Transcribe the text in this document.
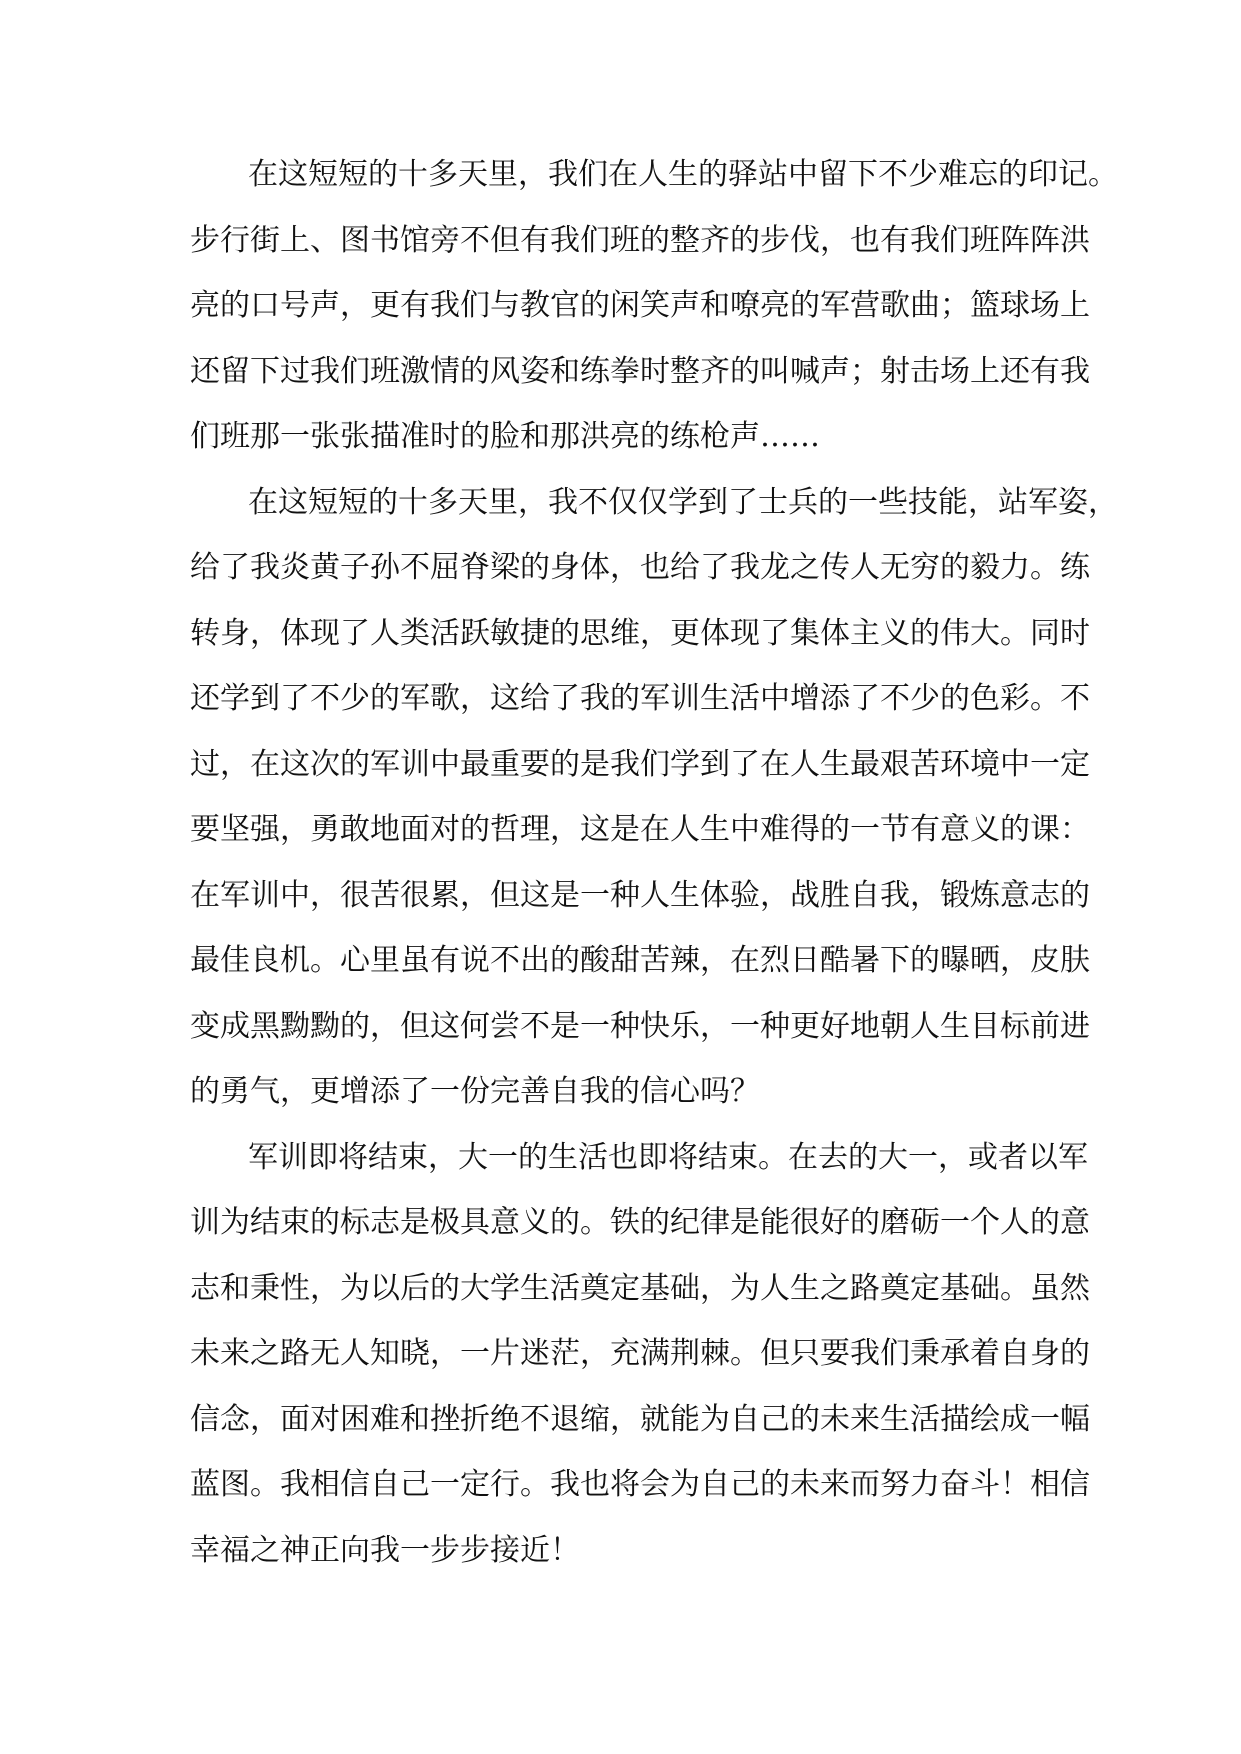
在这短短的十多天里，我们在人生的驿站中留下不少难忘的印记。
步行街上、图书馆旁不但有我们班的整齐的步伐，也有我们班阵阵洪
亮的口号声，更有我们与教官的闲笑声和嘹亮的军营歌曲；篮球场上
还留下过我们班激情的风姿和练拳时整齐的叫喊声；射击场上还有我
们班那一张张描准时的脸和那洪亮的练枪声……
在这短短的十多天里，我不仅仅学到了士兵的一些技能，站军姿，
给了我炎黄子孙不屈脊梁的身体，也给了我龙之传人无穷的毅力。练
转身，体现了人类活跃敏捷的思维，更体现了集体主义的伟大。同时
还学到了不少的军歌，这给了我的军训生活中增添了不少的色彩。不
过，在这次的军训中最重要的是我们学到了在人生最艰苦环境中一定
要坚强，勇敢地面对的哲理，这是在人生中难得的一节有意义的课：
在军训中，很苦很累，但这是一种人生体验，战胜自我，锻炼意志的
最佳良机。心里虽有说不出的酸甜苦辣，在烈日酷暑下的曝晒，皮肤
变成黑黝黝的，但这何尝不是一种快乐，一种更好地朝人生目标前进
的勇气，更增添了一份完善自我的信心吗？
军训即将结束，大一的生活也即将结束。在去的大一，或者以军
训为结束的标志是极具意义的。铁的纪律是能很好的磨砺一个人的意
志和秉性，为以后的大学生活奠定基础，为人生之路奠定基础。虽然
未来之路无人知晓，一片迷茫，充满荆棘。但只要我们秉承着自身的
信念，面对困难和挫折绝不退缩，就能为自己的未来生活描绘成一幅
蓝图。我相信自己一定行。我也将会为自己的未来而努力奋斗！相信
幸福之神正向我一步步接近！
